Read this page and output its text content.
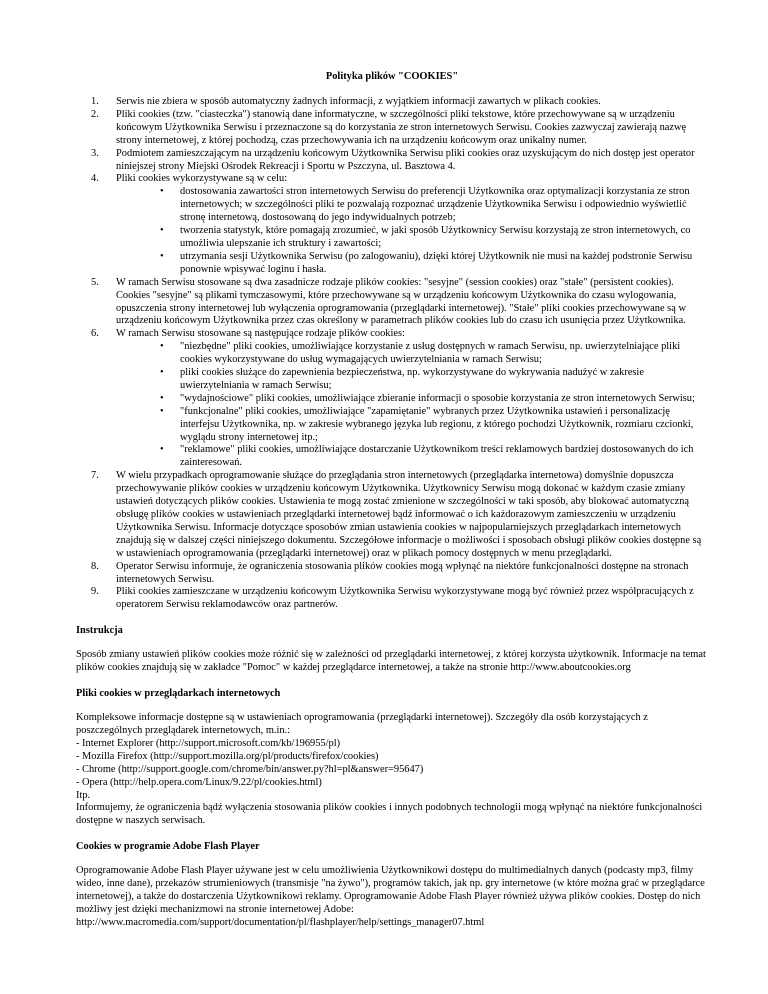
Polityka plików "COOKIES"
1. Serwis nie zbiera w sposób automatyczny żadnych informacji, z wyjątkiem informacji zawartych w plikach cookies.
2. Pliki cookies (tzw. "ciasteczka") stanowią dane informatyczne, w szczególności pliki tekstowe, które przechowywane są w urządzeniu końcowym Użytkownika Serwisu i przeznaczone są do korzystania ze stron internetowych Serwisu. Cookies zazwyczaj zawierają nazwę strony internetowej, z której pochodzą, czas przechowywania ich na urządzeniu końcowym oraz unikalny numer.
3. Podmiotem zamieszczającym na urządzeniu końcowym Użytkownika Serwisu pliki cookies oraz uzyskującym do nich dostęp jest operator niniejszej strony Miejski Ośrodek Rekreacji i Sportu w Pszczyna, ul. Basztowa 4.
4. Pliki cookies wykorzystywane są w celu:
• dostosowania zawartości stron internetowych Serwisu do preferencji Użytkownika oraz optymalizacji korzystania ze stron internetowych; w szczególności pliki te pozwalają rozpoznać urządzenie Użytkownika Serwisu i odpowiednio wyświetlić stronę internetową, dostosowaną do jego indywidualnych potrzeb;
• tworzenia statystyk, które pomagają zrozumieć, w jaki sposób Użytkownicy Serwisu korzystają ze stron internetowych, co umożliwia ulepszanie ich struktury i zawartości;
• utrzymania sesji Użytkownika Serwisu (po zalogowaniu), dzięki której Użytkownik nie musi na każdej podstronie Serwisu ponownie wpisywać loginu i hasła.
5. W ramach Serwisu stosowane są dwa zasadnicze rodzaje plików cookies: "sesyjne" (session cookies) oraz "stałe" (persistent cookies). Cookies "sesyjne" są plikami tymczasowymi, które przechowywane są w urządzeniu końcowym Użytkownika do czasu wylogowania, opuszczenia strony internetowej lub wyłączenia oprogramowania (przeglądarki internetowej). "Stałe" pliki cookies przechowywane są w urządzeniu końcowym Użytkownika przez czas określony w parametrach plików cookies lub do czasu ich usunięcia przez Użytkownika.
6. W ramach Serwisu stosowane są następujące rodzaje plików cookies:
• "niezbędne" pliki cookies, umożliwiające korzystanie z usług dostępnych w ramach Serwisu, np. uwierzytelniające pliki cookies wykorzystywane do usług wymagających uwierzytelniania w ramach Serwisu;
• pliki cookies służące do zapewnienia bezpieczeństwa, np. wykorzystywane do wykrywania nadużyć w zakresie uwierzytelniania w ramach Serwisu;
• "wydajnościowe" pliki cookies, umożliwiające zbieranie informacji o sposobie korzystania ze stron internetowych Serwisu;
• "funkcjonalne" pliki cookies, umożliwiające "zapamiętanie" wybranych przez Użytkownika ustawień i personalizację interfejsu Użytkownika, np. w zakresie wybranego języka lub regionu, z którego pochodzi Użytkownik, rozmiaru czcionki, wyglądu strony internetowej itp.;
• "reklamowe" pliki cookies, umożliwiające dostarczanie Użytkownikom treści reklamowych bardziej dostosowanych do ich zainteresowań.
7. W wielu przypadkach oprogramowanie służące do przeglądania stron internetowych (przeglądarka internetowa) domyślnie dopuszcza przechowywanie plików cookies w urządzeniu końcowym Użytkownika. Użytkownicy Serwisu mogą dokonać w każdym czasie zmiany ustawień dotyczących plików cookies. Ustawienia te mogą zostać zmienione w szczególności w taki sposób, aby blokować automatyczną obsługę plików cookies w ustawieniach przeglądarki internetowej bądź informować o ich każdorazowym zamieszczeniu w urządzeniu Użytkownika Serwisu. Informacje dotyczące sposobów zmian ustawienia cookies w najpopularniejszych przeglądarkach internetowych znajdują się w dalszej części niniejszego dokumentu. Szczegółowe informacje o możliwości i sposobach obsługi plików cookies dostępne są w ustawieniach oprogramowania (przeglądarki internetowej) oraz w plikach pomocy dostępnych w menu przeglądarki.
8. Operator Serwisu informuje, że ograniczenia stosowania plików cookies mogą wpłynąć na niektóre funkcjonalności dostępne na stronach internetowych Serwisu.
9. Pliki cookies zamieszczane w urządzeniu końcowym Użytkownika Serwisu wykorzystywane mogą być również przez współpracujących z operatorem Serwisu reklamodawców oraz partnerów.
Instrukcja

Sposób zmiany ustawień plików cookies może różnić się w zależności od przeglądarki internetowej, z której korzysta użytkownik. Informacje na temat plików cookies znajdują się w zakładce "Pomoc" w każdej przeglądarce internetowej, a także na stronie http://www.aboutcookies.org

Pliki cookies w przeglądarkach internetowych

Kompleksowe informacje dostępne są w ustawieniach oprogramowania (przeglądarki internetowej). Szczegóły dla osób korzystających z poszczególnych przeglądarek internetowych, m.in.:

- Internet Explorer (http://support.microsoft.com/kb/196955/pl)

- Mozilla Firefox (http://support.mozilla.org/pl/products/firefox/cookies)

- Chrome (http://support.google.com/chrome/bin/answer.py?hl=pl&answer=95647)

- Opera (http://help.opera.com/Linux/9.22/pl/cookies.html)

Itp.

Informujemy, że ograniczenia bądź wyłączenia stosowania plików cookies i innych podobnych technologii mogą wpłynąć na niektóre funkcjonalności dostępne w naszych serwisach.

Cookies w programie Adobe Flash Player

Oprogramowanie Adobe Flash Player używane jest w celu umożliwienia Użytkownikowi dostępu do multimedialnych danych (podcasty mp3, filmy wideo, inne dane), przekazów strumieniowych (transmisje "na żywo"), programów takich, jak np. gry internetowe (w które można grać w przeglądarce internetowej), a także do dostarczenia Użytkownikowi reklamy. Oprogramowanie Adobe Flash Player również używa plików cookies. Dostęp do nich możliwy jest dzięki mechanizmowi na stronie internetowej Adobe:

http://www.macromedia.com/support/documentation/pl/flashplayer/help/settings_manager07.html
